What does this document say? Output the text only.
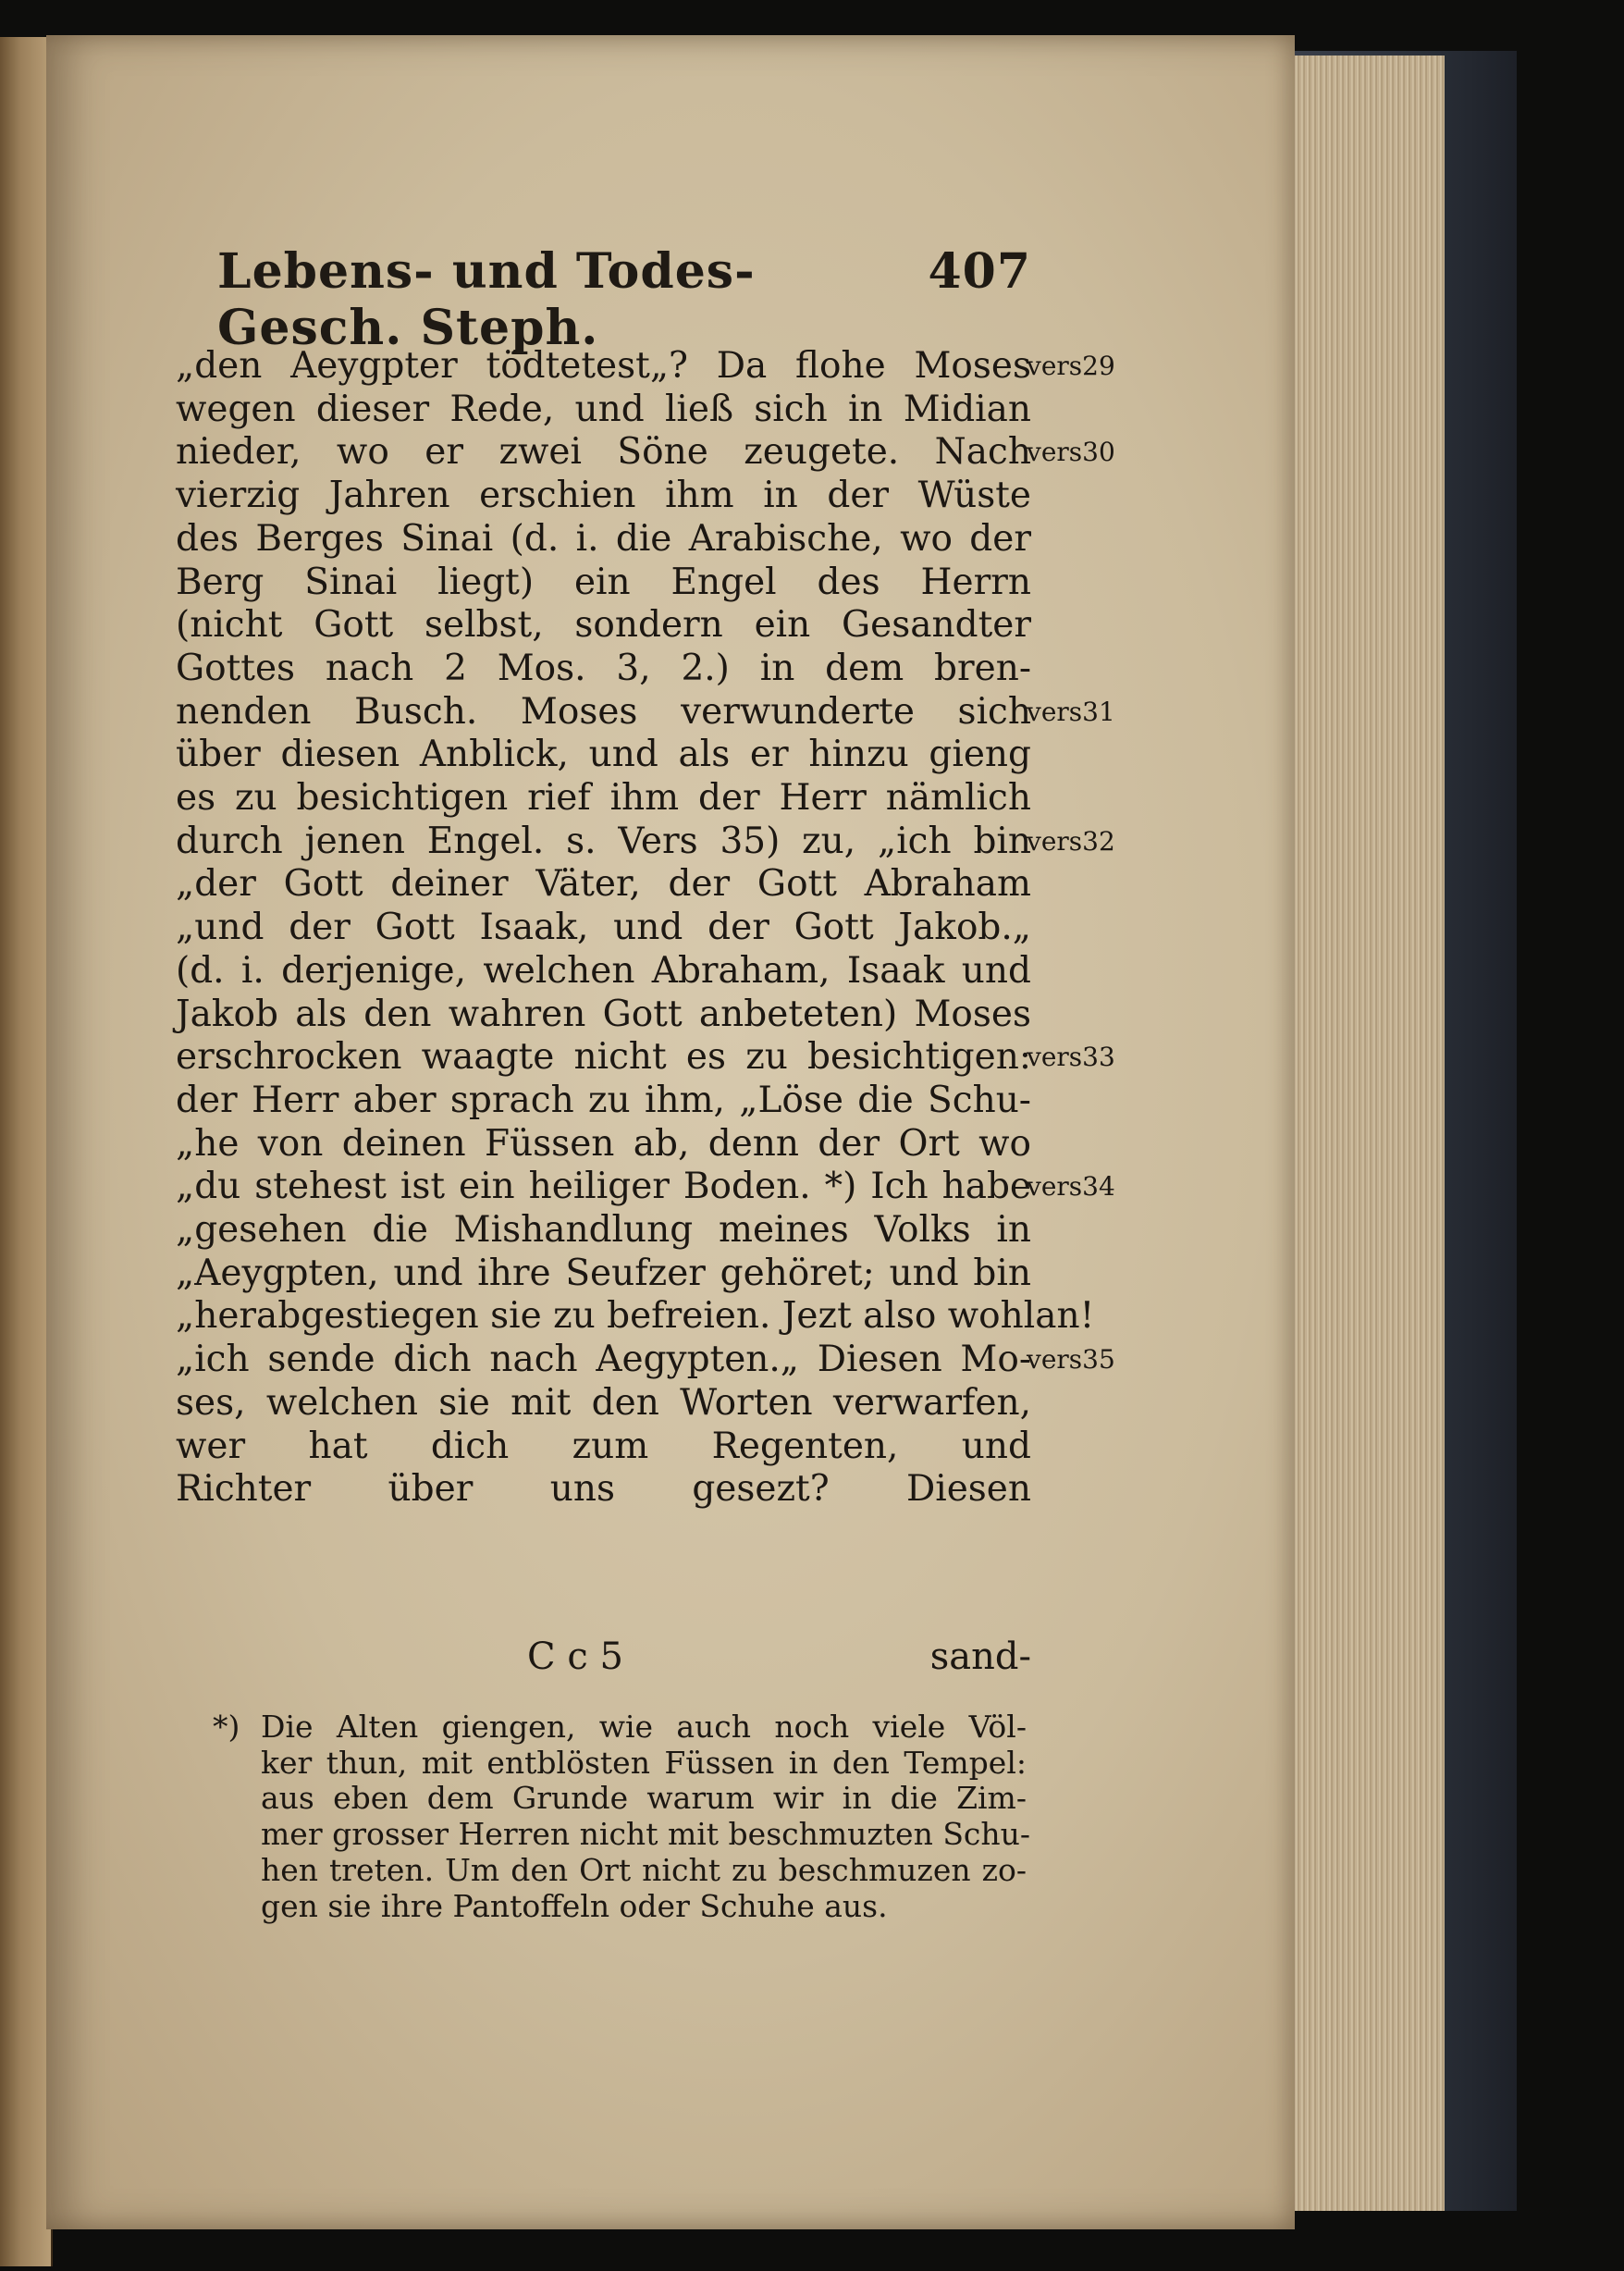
Lebens- und Todes-Gesch. Steph.
407
„den Aeygpter tödtetest„? Da flohe Moses
wegen dieser Rede, und ließ sich in Midian
nieder, wo er zwei Söne zeugete. Nach
vierzig Jahren erschien ihm in der Wüste
des Berges Sinai (d. i. die Arabische, wo der
Berg Sinai liegt) ein Engel des Herrn
(nicht Gott selbst, sondern ein Gesandter
Gottes nach 2 Mos. 3, 2.) in dem bren-
nenden Busch. Moses verwunderte sich
über diesen Anblick, und als er hinzu gieng
es zu besichtigen rief ihm der Herr nämlich
durch jenen Engel. s. Vers 35) zu, „ich bin
„der Gott deiner Väter, der Gott Abraham
„und der Gott Isaak, und der Gott Jakob.„
(d. i. derjenige, welchen Abraham, Isaak und
Jakob als den wahren Gott anbeteten) Moses
erschrocken waagte nicht es zu besichtigen:
der Herr aber sprach zu ihm, „Löse die Schu-
„he von deinen Füssen ab, denn der Ort wo
„du stehest ist ein heiliger Boden. *) Ich habe
„gesehen die Mishandlung meines Volks in
„Aeygpten, und ihre Seufzer gehöret; und bin
„herabgestiegen sie zu befreien. Jezt also wohlan!
„ich sende dich nach Aegypten.„ Diesen Mo-
ses, welchen sie mit den Worten verwarfen,
wer hat dich zum Regenten, und
Richter über uns gesezt? Diesen
vers29
vers30
vers31
vers32
vers33
vers34
vers35
C c 5	sand-
*) Die Alten giengen, wie auch noch viele Völ-
ker thun, mit entblösten Füssen in den Tempel:
aus eben dem Grunde warum wir in die Zim-
mer grosser Herren nicht mit beschmuzten Schu-
hen treten. Um den Ort nicht zu beschmuzen zo-
gen sie ihre Pantoffeln oder Schuhe aus.
